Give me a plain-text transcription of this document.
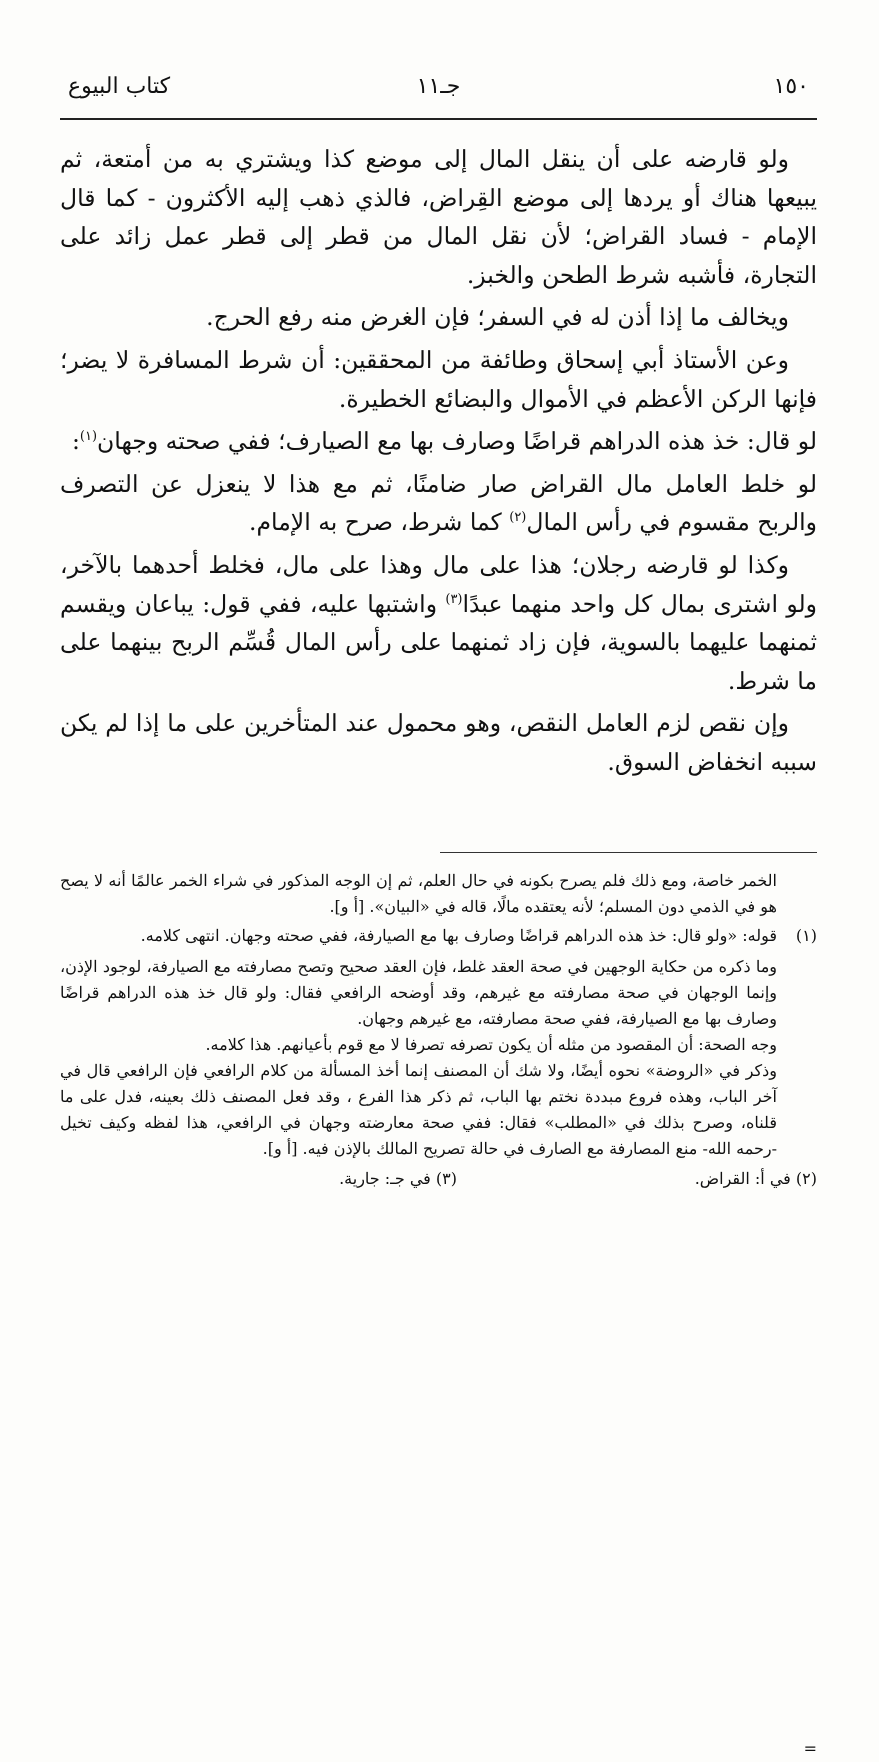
١٥٠
جـ١١
كتاب البيوع

ولو قارضه على أن ينقل المال إلى موضع كذا ويشتري به من أمتعة، ثم يبيعها هناك أو يردها إلى موضع القِراض، فالذي ذهب إليه الأكثرون - كما قال الإمام - فساد القراض؛ لأن نقل المال من قطر إلى قطر عمل زائد على التجارة، فأشبه شرط الطحن والخبز.

ويخالف ما إذا أذن له في السفر؛ فإن الغرض منه رفع الحرج.

وعن الأستاذ أبي إسحاق وطائفة من المحققين: أن شرط المسافرة لا يضر؛ فإنها الركن الأعظم في الأموال والبضائع الخطيرة.

لو قال: خذ هذه الدراهم قراضًا وصارف بها مع الصيارف؛ ففي صحته وجهان$^{(١)}$:

لو خلط العامل مال القراض صار ضامنًا، ثم مع هذا لا ينعزل عن التصرف والربح مقسوم في رأس المال$^{(٢)}$ كما شرط، صرح به الإمام.

وكذا لو قارضه رجلان؛ هذا على مال وهذا على مال، فخلط أحدهما بالآخر، ولو اشترى بمال كل واحد منهما عبدًا$^{(٣)}$ واشتبها عليه، ففي قول: يباعان ويقسم ثمنهما عليهما بالسوية، فإن زاد ثمنهما على رأس المال قُسِّم الربح بينهما على ما شرط.

وإن نقص لزم العامل النقص، وهو محمول عند المتأخرين على ما إذا لم يكن سببه انخفاض السوق.

=

الخمر خاصة، ومع ذلك فلم يصرح بكونه في حال العلم، ثم إن الوجه المذكور في شراء الخمر عالمًا أنه لا يصح هو في الذمي دون المسلم؛ لأنه يعتقده مالًا، قاله في «البيان». [أ و].

(١)

قوله: «ولو قال: خذ هذه الدراهم قراضًا وصارف بها مع الصيارفة، ففي صحته وجهان. انتهى كلامه.

وما ذكره من حكاية الوجهين في صحة العقد غلط، فإن العقد صحيح وتصح مصارفته مع الصيارفة، لوجود الإذن، وإنما الوجهان في صحة مصارفته مع غيرهم، وقد أوضحه الرافعي فقال: ولو قال خذ هذه الدراهم قراضًا وصارف بها مع الصيارفة، ففي صحة مصارفته، مع غيرهم وجهان.

وجه الصحة: أن المقصود من مثله أن يكون تصرفه تصرفا لا مع قوم بأعيانهم. هذا كلامه.

وذكر في «الروضة» نحوه أيضًا، ولا شك أن المصنف إنما أخذ المسألة من كلام الرافعي فإن الرافعي قال في آخر الباب، وهذه فروع مبددة نختم بها الباب، ثم ذكر هذا الفرع ، وقد فعل المصنف ذلك بعينه، فدل على ما قلناه، وصرح بذلك في «المطلب» فقال: ففي صحة معارضته وجهان في الرافعي، هذا لفظه وكيف تخيل -رحمه الله- منع المصارفة مع الصارف في حالة تصريح المالك بالإذن فيه. [أ و].

(٢) في أ: القراض.
(٣) في جـ: جارية.
